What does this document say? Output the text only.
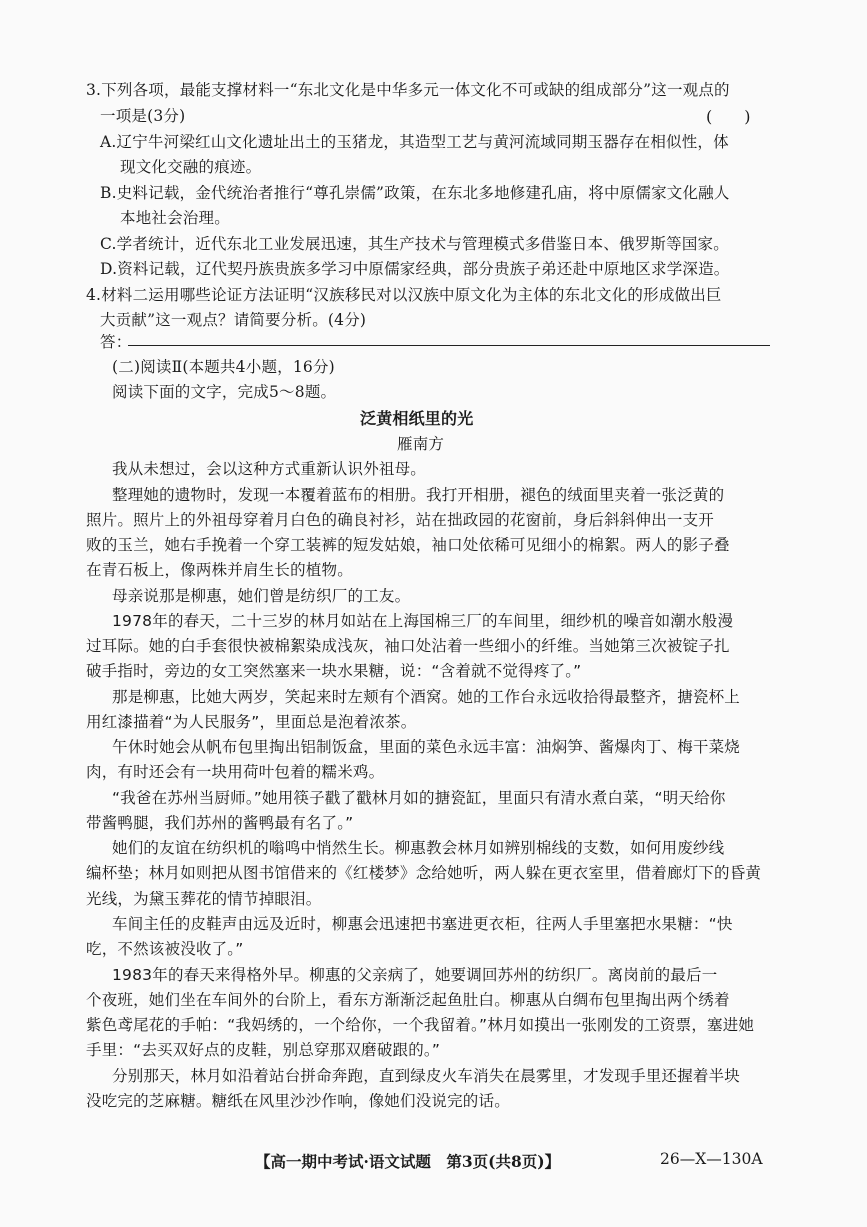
3.下列各项，最能支撑材料一“东北文化是中华多元一体文化不可或缺的组成部分”这一观点的
一项是(3分)	(　　)
A.辽宁牛河梁红山文化遗址出土的玉猪龙，其造型工艺与黄河流域同期玉器存在相似性，体
现文化交融的痕迹。
B.史料记载，金代统治者推行“尊孔崇儒”政策，在东北多地修建孔庙，将中原儒家文化融人
本地社会治理。
C.学者统计，近代东北工业发展迅速，其生产技术与管理模式多借鉴日本、俄罗斯等国家。
D.资料记载，辽代契丹族贵族多学习中原儒家经典，部分贵族子弟还赴中原地区求学深造。
4.材料二运用哪些论证方法证明“汉族移民对以汉族中原文化为主体的东北文化的形成做出巨
大贡献”这一观点？请简要分析。(4分)
答：
(二)阅读Ⅱ(本题共4小题，16分)
阅读下面的文字，完成5～8题。
泛黄相纸里的光
雁南方
我从未想过，会以这种方式重新认识外祖母。
整理她的遗物时，发现一本覆着蓝布的相册。我打开相册，褪色的绒面里夹着一张泛黄的
照片。照片上的外祖母穿着月白色的确良衬衫，站在拙政园的花窗前，身后斜斜伸出一支开
败的玉兰，她右手挽着一个穿工装裤的短发姑娘，袖口处依稀可见细小的棉絮。两人的影子叠
在青石板上，像两株并肩生长的植物。
母亲说那是柳惠，她们曾是纺织厂的工友。
1978年的春天，二十三岁的林月如站在上海国棉三厂的车间里，细纱机的噪音如潮水般漫
过耳际。她的白手套很快被棉絮染成浅灰，袖口处沾着一些细小的纤维。当她第三次被锭子扎
破手指时，旁边的女工突然塞来一块水果糖，说：“含着就不觉得疼了。”
那是柳惠，比她大两岁，笑起来时左颊有个酒窝。她的工作台永远收拾得最整齐，搪瓷杯上
用红漆描着“为人民服务”，里面总是泡着浓茶。
午休时她会从帆布包里掏出铝制饭盒，里面的菜色永远丰富：油焖笋、酱爆肉丁、梅干菜烧
肉，有时还会有一块用荷叶包着的糯米鸡。
“我爸在苏州当厨师。”她用筷子戳了戳林月如的搪瓷缸，里面只有清水煮白菜，“明天给你
带酱鸭腿，我们苏州的酱鸭最有名了。”
她们的友谊在纺织机的嗡鸣中悄然生长。柳惠教会林月如辨别棉线的支数，如何用废纱线
编杯垫；林月如则把从图书馆借来的《红楼梦》念给她听，两人躲在更衣室里，借着廊灯下的昏黄
光线，为黛玉葬花的情节掉眼泪。
车间主任的皮鞋声由远及近时，柳惠会迅速把书塞进更衣柜，往两人手里塞把水果糖：“快
吃，不然该被没收了。”
1983年的春天来得格外早。柳惠的父亲病了，她要调回苏州的纺织厂。离岗前的最后一
个夜班，她们坐在车间外的台阶上，看东方渐渐泛起鱼肚白。柳惠从白绸布包里掏出两个绣着
紫色鸢尾花的手帕：“我妈绣的，一个给你，一个我留着。”林月如摸出一张刚发的工资票，塞进她
手里：“去买双好点的皮鞋，别总穿那双磨破跟的。”
分别那天，林月如沿着站台拼命奔跑，直到绿皮火车消失在晨雾里，才发现手里还握着半块
没吃完的芝麻糖。糖纸在风里沙沙作响，像她们没说完的话。
【高一期中考试·语文试题　第3页(共8页)】	26—X—130A
